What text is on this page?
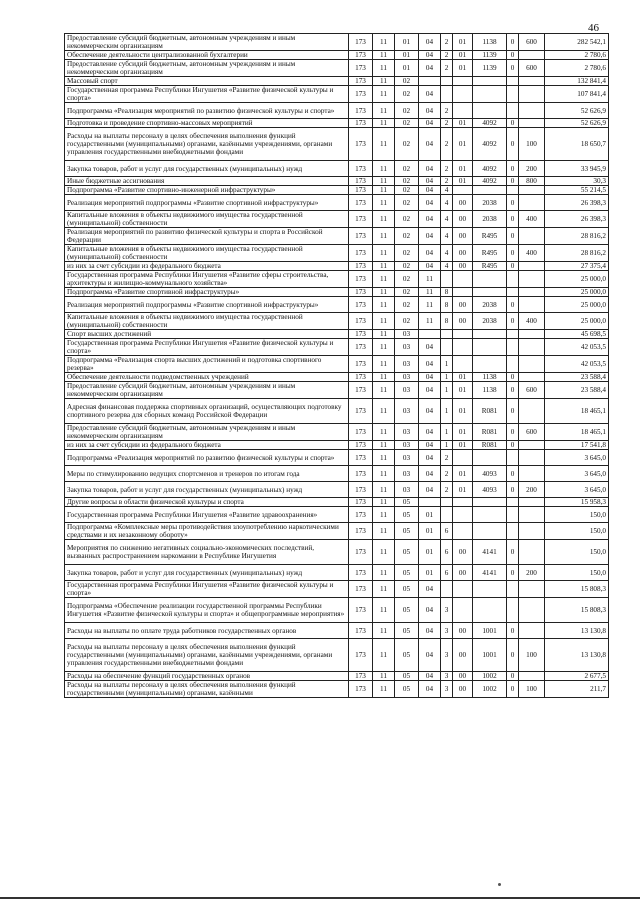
46
Предоставление субсидий бюджетным, автономным учреждениям и иным некоммерческим организациям	173	11	01	04	2	01	1138	0	600	282 542,1
Обеспечение деятельности централизованной бухгалтерии	173	11	01	04	2	01	1139	0		2 780,6
Предоставление субсидий бюджетным, автономным учреждениям и иным некоммерческим организациям	173	11	01	04	2	01	1139	0	600	2 780,6
Массовый спорт	173	11	02							132 841,4
Государственная программа Республики Ингушетия «Развитие физической культуры и спорта»	173	11	02	04						107 841,4
Подпрограмма «Реализация мероприятий по развитию физической культуры и спорта»	173	11	02	04	2					52 626,9
Подготовка и проведение спортивно-массовых мероприятий	173	11	02	04	2	01	4092	0		52 626,9
Расходы на выплаты персоналу в целях обеспечения выполнения функций государственными (муниципальными) органами, казёнными учреждениями, органами управления государственными внебюджетными фондами	173	11	02	04	2	01	4092	0	100	18 650,7
Закупка товаров, работ и услуг для государственных (муниципальных) нужд	173	11	02	04	2	01	4092	0	200	33 945,9
Иные бюджетные ассигнования	173	11	02	04	2	01	4092	0	800	30,3
Подпрограмма «Развитие спортивно-инженерной инфраструктуры»	173	11	02	04	4					55 214,5
Реализация мероприятий подпрограммы «Развитие спортивной инфраструктуры»	173	11	02	04	4	00	2038	0		26 398,3
Капитальные вложения в объекты недвижимого имущества государственной (муниципальной) собственности	173	11	02	04	4	00	2038	0	400	26 398,3
Реализация мероприятий по развитию физической культуры и спорта в Российской Федерации	173	11	02	04	4	00	R495	0		28 816,2
Капитальные вложения в объекты недвижимого имущества государственной (муниципальной) собственности	173	11	02	04	4	00	R495	0	400	28 816,2
из них за счет субсидии из федерального бюджета	173	11	02	04	4	00	R495	0		27 375,4
Государственная программа Республики Ингушетия «Развитие сферы строительства, архитектуры и жилищно-коммунального хозяйства»	173	11	02	11						25 000,0
Подпрограмма «Развитие спортивной инфраструктуры»	173	11	02	11	8					25 000,0
Реализация мероприятий подпрограммы «Развитие спортивной инфраструктуры»	173	11	02	11	8	00	2038	0		25 000,0
Капитальные вложения в объекты недвижимого имущества государственной (муниципальной) собственности	173	11	02	11	8	00	2038	0	400	25 000,0
Спорт высших достижений	173	11	03							45 698,5
Государственная программа Республики Ингушетия «Развитие физической культуры и спорта»	173	11	03	04						42 053,5
Подпрограмма «Реализация спорта высших достижений и подготовка спортивного резерва»	173	11	03	04	1					42 053,5
Обеспечение деятельности подведомственных учреждений	173	11	03	04	1	01	1138	0		23 588,4
Предоставление субсидий бюджетным, автономным учреждениям и иным некоммерческим организациям	173	11	03	04	1	01	1138	0	600	23 588,4
Адресная финансовая поддержка спортивных организаций, осуществляющих подготовку спортивного резерва для сборных команд Российской Федерации	173	11	03	04	1	01	R081	0		18 465,1
Предоставление субсидий бюджетным, автономным учреждениям и иным некоммерческим организациям	173	11	03	04	1	01	R081	0	600	18 465,1
из них за счет субсидии из федерального бюджета	173	11	03	04	1	01	R081	0		17 541,8
Подпрограмма «Реализация мероприятий по развитию физической культуры и спорта»	173	11	03	04	2					3 645,0
Меры по стимулированию ведущих спортсменов и тренеров по итогам года	173	11	03	04	2	01	4093	0		3 645,0
Закупка товаров, работ и услуг для государственных (муниципальных) нужд	173	11	03	04	2	01	4093	0	200	3 645,0
Другие вопросы в области физической культуры и спорта	173	11	05							15 958,3
Государственная программа Республики Ингушетия «Развитие здравоохранения»	173	11	05	01						150,0
Подпрограмма «Комплексные меры противодействия злоупотреблению наркотическими средствами и их незаконному обороту»	173	11	05	01	6					150,0
Мероприятия по снижению негативных социально-экономических последствий, вызванных распространением наркомании в Республике Ингушетия	173	11	05	01	6	00	4141	0		150,0
Закупка товаров, работ и услуг для государственных (муниципальных) нужд	173	11	05	01	6	00	4141	0	200	150,0
Государственная программа Республики Ингушетия «Развитие физической культуры и спорта»	173	11	05	04						15 808,3
Подпрограмма «Обеспечение реализации государственной программы Республики Ингушетия «Развитие физической культуры и спорта» и общепрограммные мероприятия»	173	11	05	04	3					15 808,3
Расходы на выплаты по оплате труда работников государственных органов	173	11	05	04	3	00	1001	0		13 130,8
Расходы на выплаты персоналу в целях обеспечения выполнения функций государственными (муниципальными) органами, казёнными учреждениями, органами управления государственными внебюджетными фондами	173	11	05	04	3	00	1001	0	100	13 130,8
Расходы на обеспечение функций государственных органов	173	11	05	04	3	00	1002	0		2 677,5
Расходы на выплаты персоналу в целях обеспечения выполнения функций государственными (муниципальными) органами, казёнными	173	11	05	04	3	00	1002	0	100	211,7
